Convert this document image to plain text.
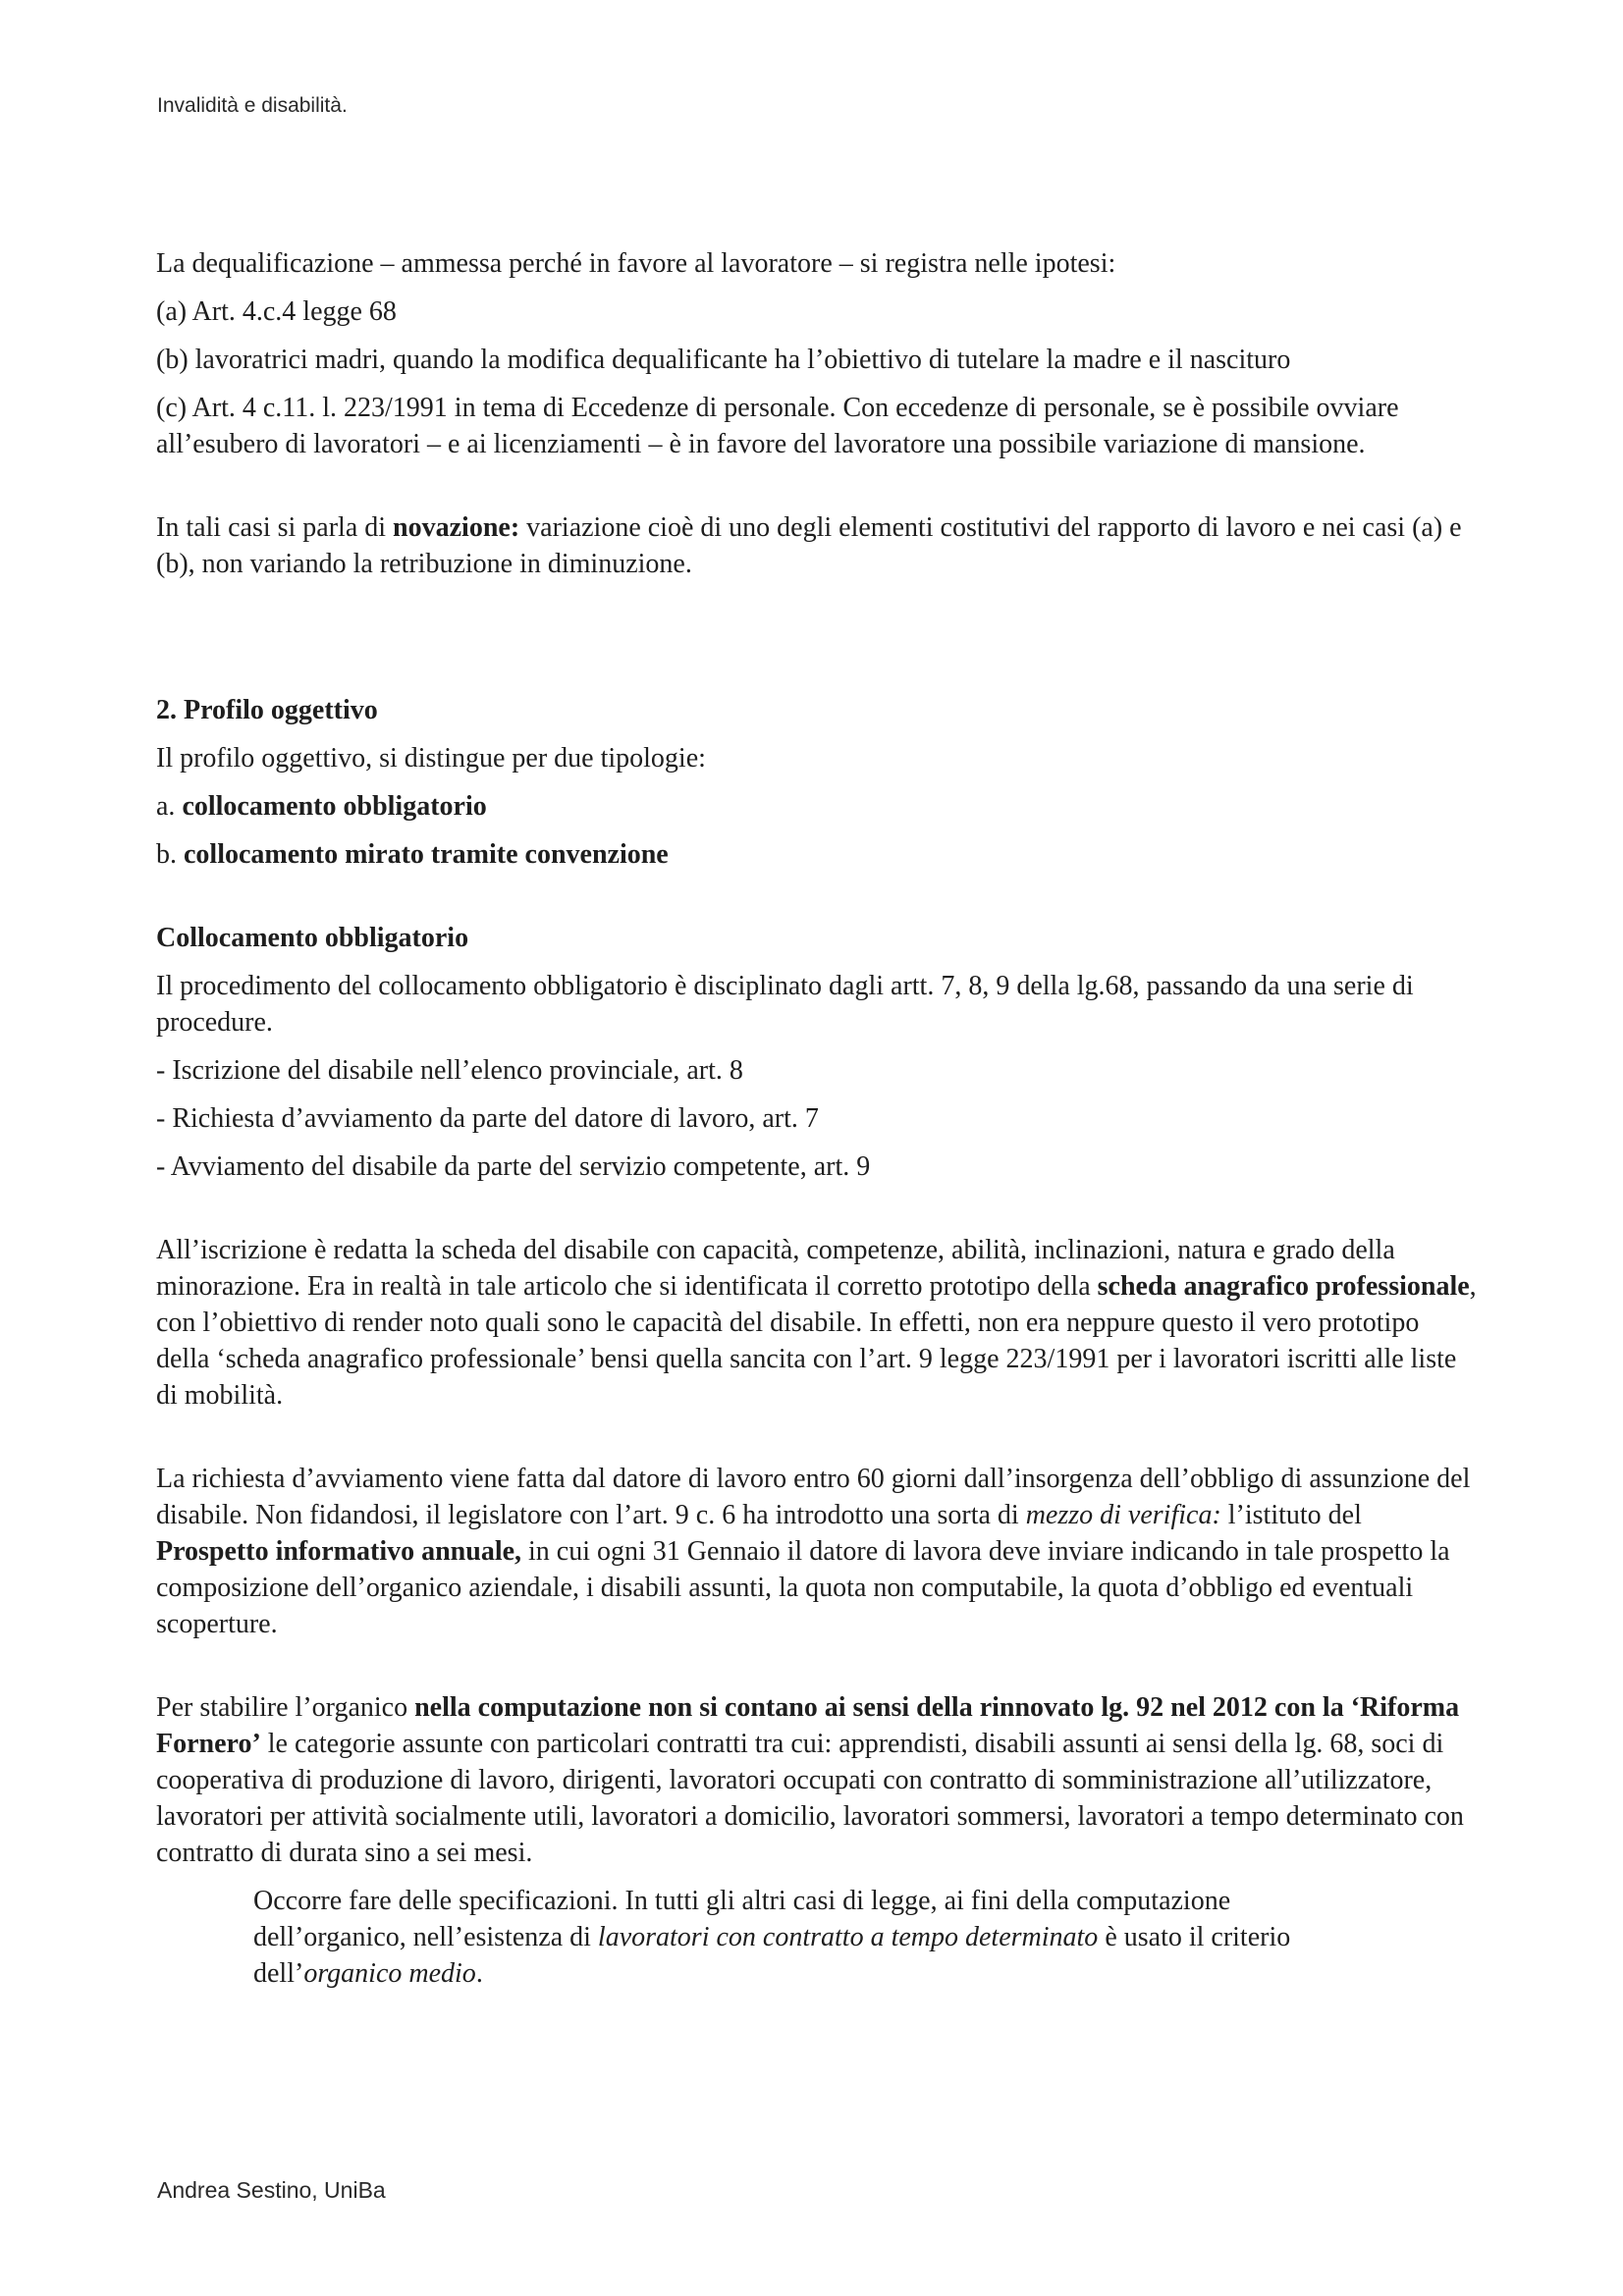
Invalidità e disabilità.

La dequalificazione – ammessa perché in favore al lavoratore – si registra nelle ipotesi:

(a) Art. 4.c.4 legge 68

(b) lavoratrici madri, quando la modifica dequalificante ha l’obiettivo di tutelare la madre e il nascituro

(c) Art. 4 c.11. l. 223/1991 in tema di Eccedenze di personale. Con eccedenze di personale, se è possibile ovviare all’esubero di lavoratori – e ai licenziamenti – è in favore del lavoratore una possibile variazione di mansione.

In tali casi si parla di novazione: variazione cioè di uno degli elementi costitutivi del rapporto di lavoro e nei casi (a) e (b), non variando la retribuzione in diminuzione.

2. Profilo oggettivo

Il profilo oggettivo, si distingue per due tipologie:

a. collocamento obbligatorio

b. collocamento mirato tramite convenzione

Collocamento obbligatorio

Il procedimento del collocamento obbligatorio è disciplinato dagli artt. 7, 8, 9 della lg.68, passando da una serie di procedure.

- Iscrizione del disabile nell’elenco provinciale, art. 8

- Richiesta d’avviamento da parte del datore di lavoro, art. 7

- Avviamento del disabile da parte del servizio competente, art. 9

All’iscrizione è redatta la scheda del disabile con capacità, competenze, abilità, inclinazioni, natura e grado della minorazione. Era in realtà in tale articolo che si identificata il corretto prototipo della scheda anagrafico professionale, con l’obiettivo di render noto quali sono le capacità del disabile. In effetti, non era neppure questo il vero prototipo della ‘scheda anagrafico professionale’ bensi quella sancita con l’art. 9 legge 223/1991 per i lavoratori iscritti alle liste di mobilità.

La richiesta d’avviamento viene fatta dal datore di lavoro entro 60 giorni dall’insorgenza dell’obbligo di assunzione del disabile. Non fidandosi, il legislatore con l’art. 9 c. 6 ha introdotto una sorta di mezzo di verifica: l’istituto del Prospetto informativo annuale, in cui ogni 31 Gennaio il datore di lavora deve inviare indicando in tale prospetto la composizione dell’organico aziendale, i disabili assunti, la quota non computabile, la quota d’obbligo ed eventuali scoperture.

Per stabilire l’organico nella computazione non si contano ai sensi della rinnovato lg. 92 nel 2012 con la ‘Riforma Fornero’ le categorie assunte con particolari contratti tra cui: apprendisti, disabili assunti ai sensi della lg. 68, soci di cooperativa di produzione di lavoro, dirigenti, lavoratori occupati con contratto di somministrazione all’utilizzatore, lavoratori per attività socialmente utili, lavoratori a domicilio, lavoratori sommersi, lavoratori a tempo determinato con contratto di durata sino a sei mesi.

Occorre fare delle specificazioni. In tutti gli altri casi di legge, ai fini della computazione dell’organico, nell’esistenza di lavoratori con contratto a tempo determinato è usato il criterio dell’organico medio.

Andrea Sestino, UniBa
